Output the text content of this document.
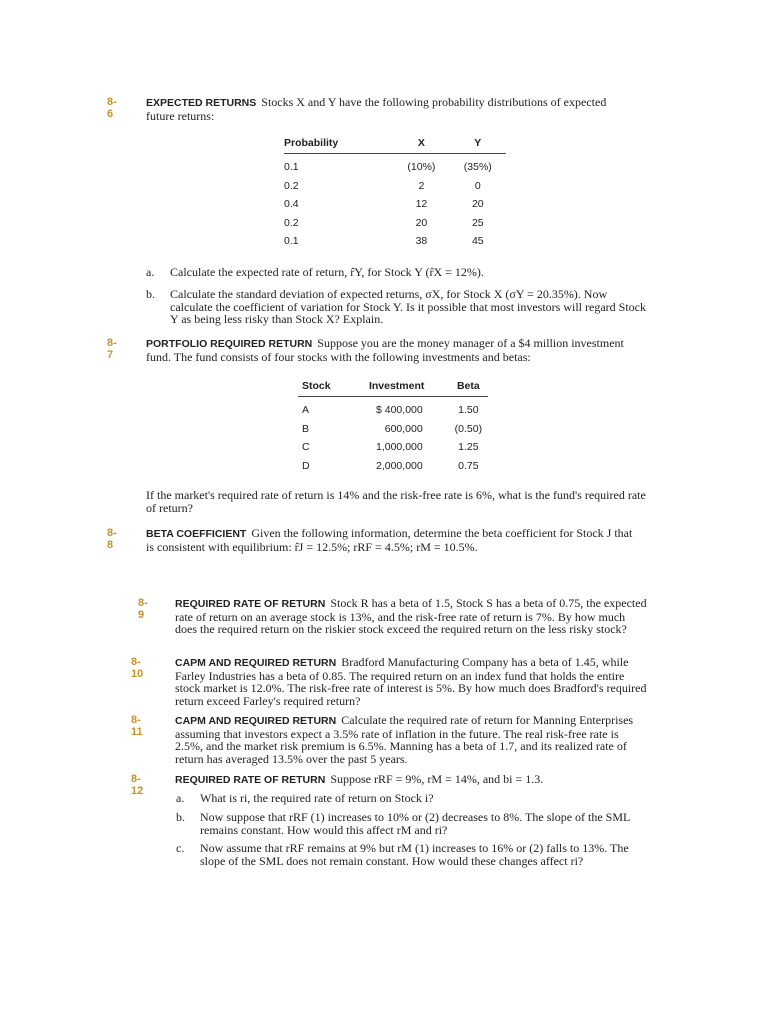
8-6
EXPECTED RETURNS Stocks X and Y have the following probability distributions of expected future returns:
Probability	X	Y
0.1	(10%)	(35%)
0.2	2	0
0.4	12	20
0.2	20	25
0.1	38	45
a. Calculate the expected rate of return, r̂Y, for Stock Y (r̂X = 12%).
b. Calculate the standard deviation of expected returns, σX, for Stock X (σY = 20.35%). Now calculate the coefficient of variation for Stock Y. Is it possible that most investors will regard Stock Y as being less risky than Stock X? Explain.
8-7
PORTFOLIO REQUIRED RETURN Suppose you are the money manager of a $4 million investment fund. The fund consists of four stocks with the following investments and betas:
Stock	Investment	Beta
A	$ 400,000	1.50
B	600,000	(0.50)
C	1,000,000	1.25
D	2,000,000	0.75
If the market's required rate of return is 14% and the risk-free rate is 6%, what is the fund's required rate of return?
8-8
BETA COEFFICIENT Given the following information, determine the beta coefficient for Stock J that is consistent with equilibrium: r̂J = 12.5%; rRF = 4.5%; rM = 10.5%.
8-9
REQUIRED RATE OF RETURN Stock R has a beta of 1.5, Stock S has a beta of 0.75, the expected rate of return on an average stock is 13%, and the risk-free rate of return is 7%. By how much does the required return on the riskier stock exceed the required return on the less risky stock?
8-10
CAPM AND REQUIRED RETURN Bradford Manufacturing Company has a beta of 1.45, while Farley Industries has a beta of 0.85. The required return on an index fund that holds the entire stock market is 12.0%. The risk-free rate of interest is 5%. By how much does Bradford's required return exceed Farley's required return?
8-11
CAPM AND REQUIRED RETURN Calculate the required rate of return for Manning Enterprises assuming that investors expect a 3.5% rate of inflation in the future. The real risk-free rate is 2.5%, and the market risk premium is 6.5%. Manning has a beta of 1.7, and its realized rate of return has averaged 13.5% over the past 5 years.
8-12
REQUIRED RATE OF RETURN Suppose rRF = 9%, rM = 14%, and bi = 1.3.
a. What is ri, the required rate of return on Stock i?
b. Now suppose that rRF (1) increases to 10% or (2) decreases to 8%. The slope of the SML remains constant. How would this affect rM and ri?
c. Now assume that rRF remains at 9% but rM (1) increases to 16% or (2) falls to 13%. The slope of the SML does not remain constant. How would these changes affect ri?
